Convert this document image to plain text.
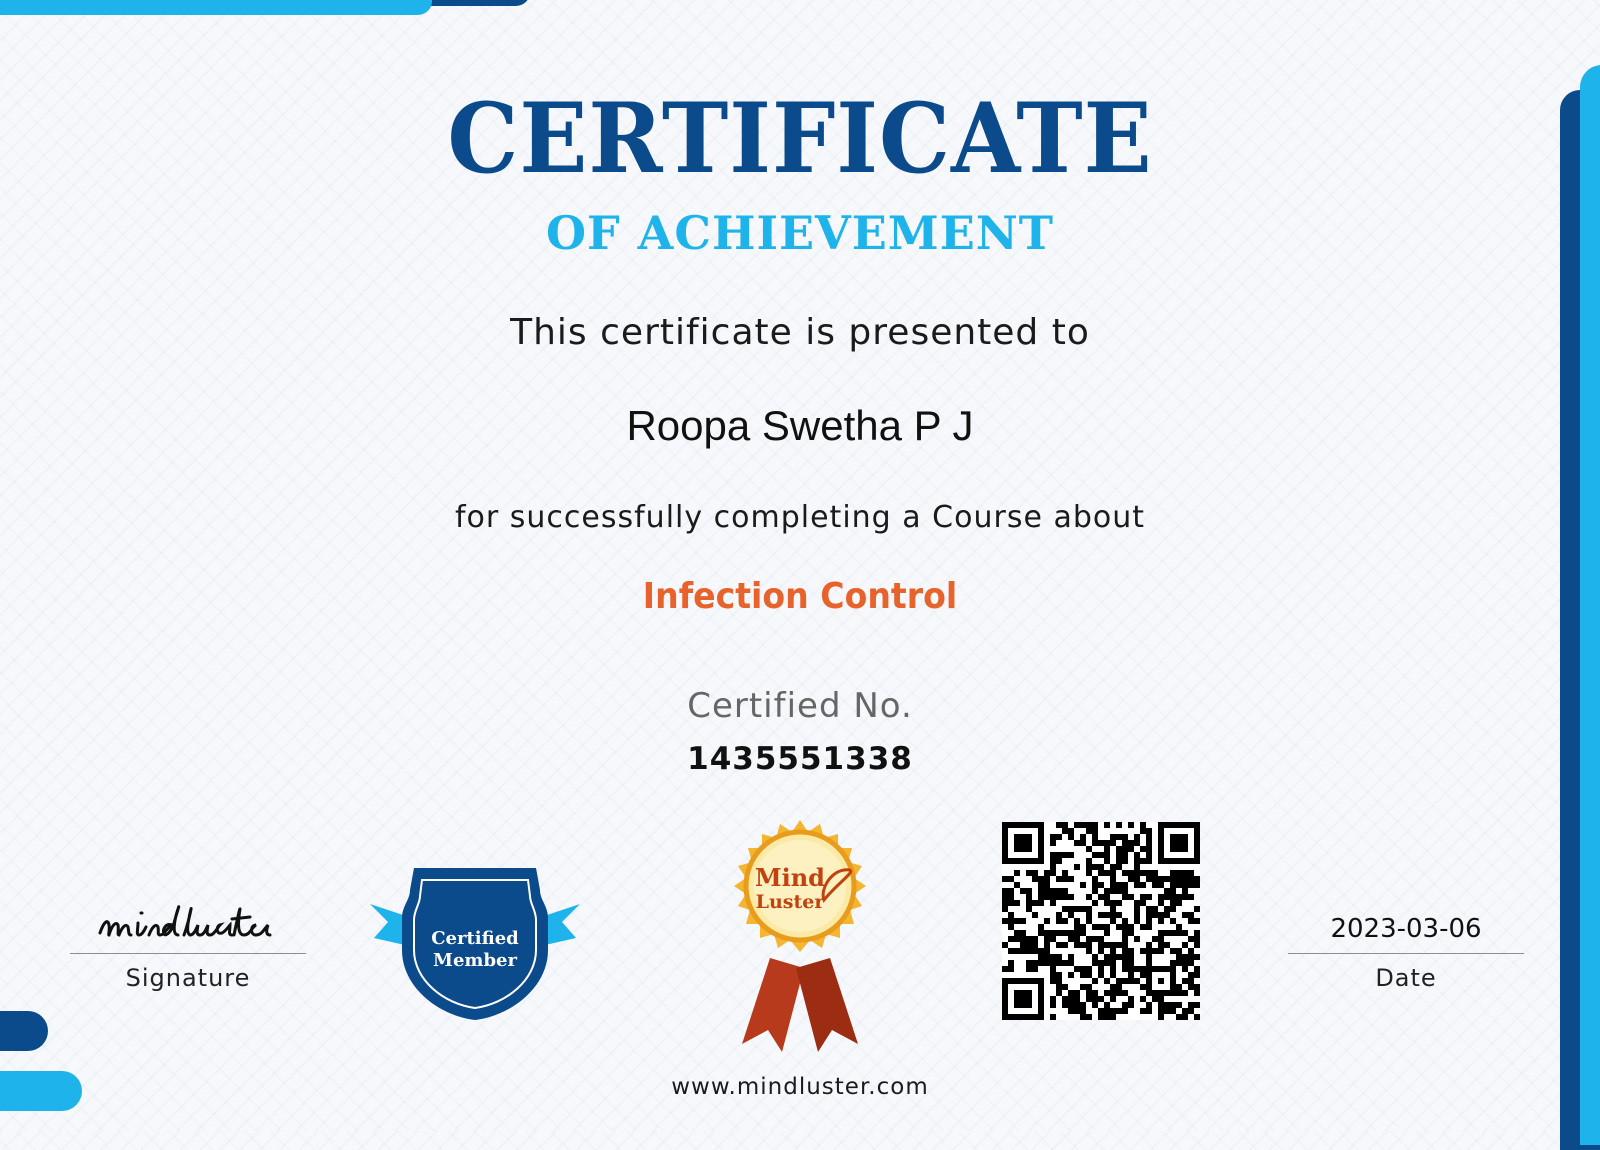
CERTIFICATE
OF ACHIEVEMENT
This certificate is presented to
Roopa Swetha P J
for successfully completing a Course about
Infection Control
Certified No.
1435551338
Signature
Certified
Member
Mind
Luster
2023-03-06
Date
www.mindluster.com
